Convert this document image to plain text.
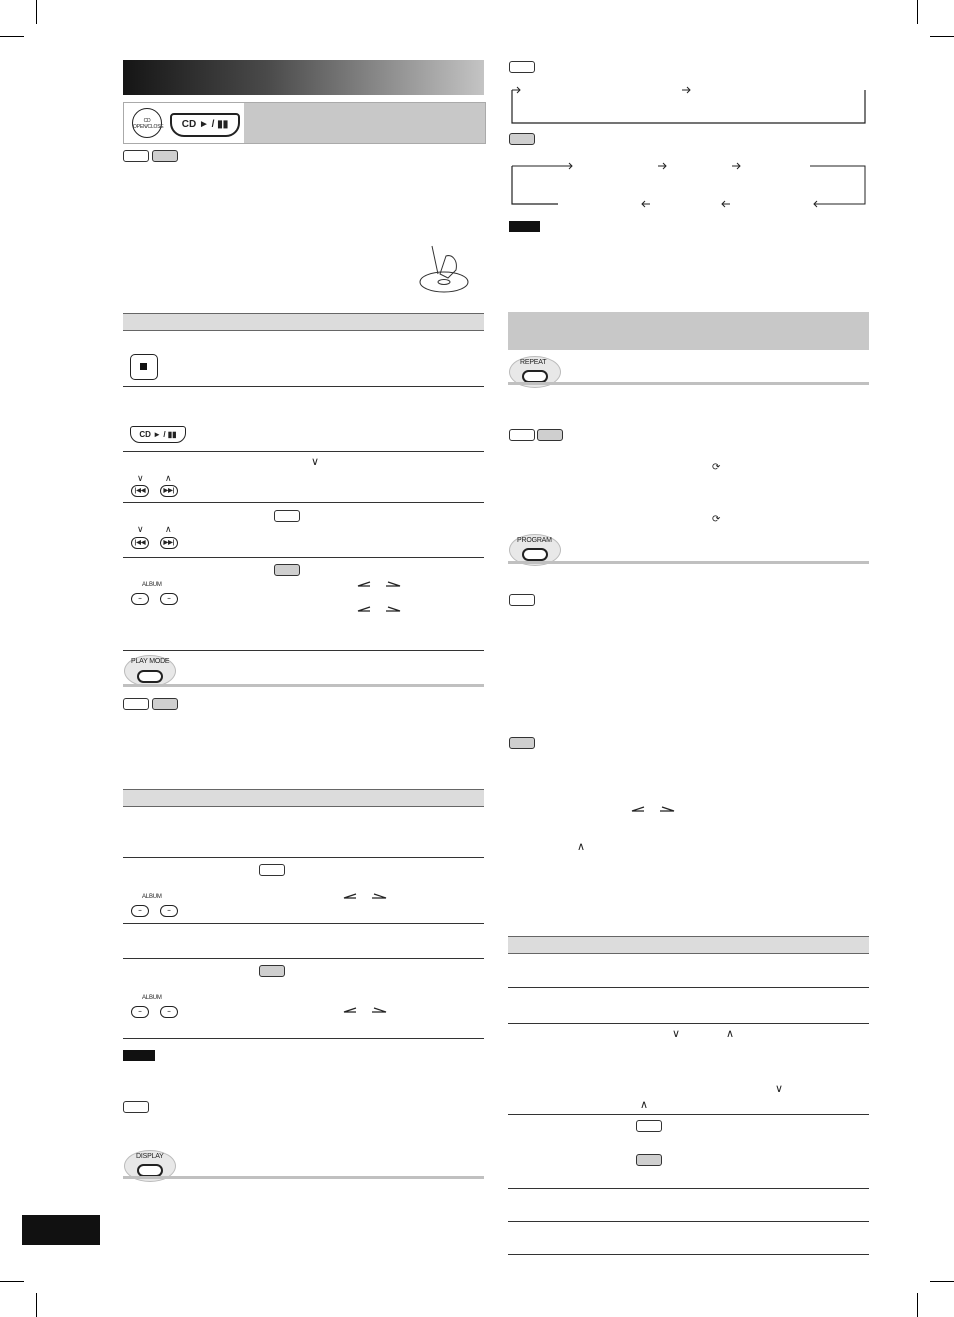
CD OPEN/CLOSE	CD ► / ▮▮
CD ► / ▮▮
∨
∨ ∧
|◀◀	▶▶|
∨ ∧
|◀◀	▶▶|
ALBUM
–	–
PLAY MODE
ALBUM
–	–
ALBUM
–	–
DISPLAY
REPEAT
⟳
⟳
PROGRAM
∧
∨	∧
∨
∧
